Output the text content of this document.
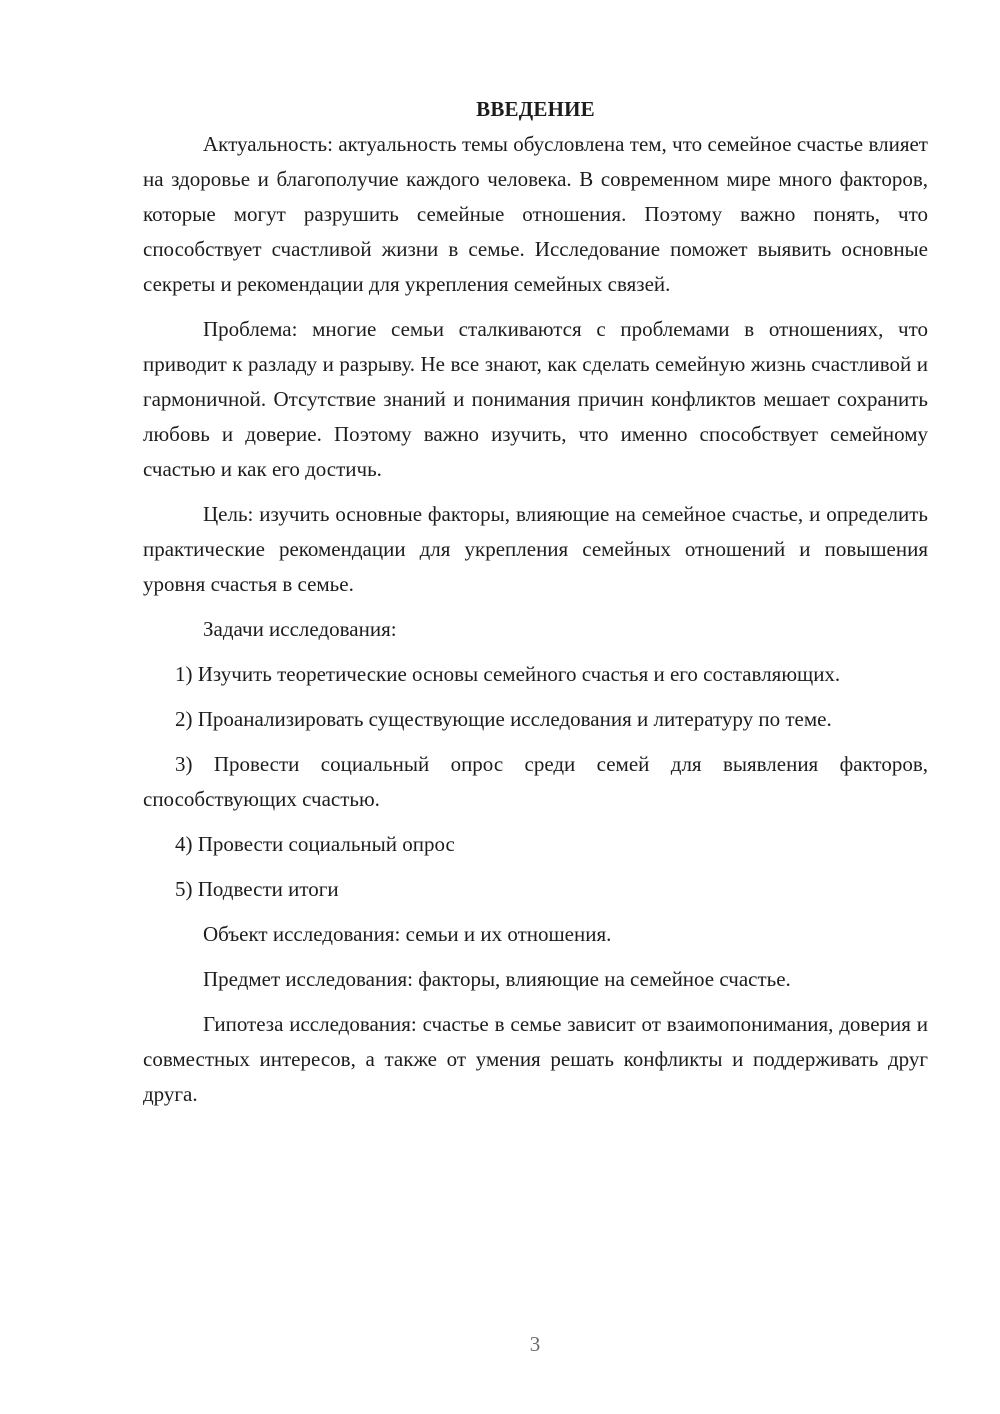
ВВЕДЕНИЕ

Актуальность: актуальность темы обусловлена тем, что семейное счастье влияет на здоровье и благополучие каждого человека. В современном мире много факторов, которые могут разрушить семейные отношения. Поэтому важно понять, что способствует счастливой жизни в семье. Исследование поможет выявить основные секреты и рекомендации для укрепления семейных связей.

Проблема: многие семьи сталкиваются с проблемами в отношениях, что приводит к разладу и разрыву. Не все знают, как сделать семейную жизнь счастливой и гармоничной. Отсутствие знаний и понимания причин конфликтов мешает сохранить любовь и доверие. Поэтому важно изучить, что именно способствует семейному счастью и как его достичь.

Цель: изучить основные факторы, влияющие на семейное счастье, и определить практические рекомендации для укрепления семейных отношений и повышения уровня счастья в семье.

Задачи исследования:

1) Изучить теоретические основы семейного счастья и его составляющих.

2) Проанализировать существующие исследования и литературу по теме.

3) Провести социальный опрос среди семей для выявления факторов, способствующих счастью.

4) Провести социальный опрос

5) Подвести итоги

Объект исследования: семьи и их отношения.

Предмет исследования: факторы, влияющие на семейное счастье.

Гипотеза исследования: счастье в семье зависит от взаимопонимания, доверия и совместных интересов, а также от умения решать конфликты и поддерживать друг друга.

3
